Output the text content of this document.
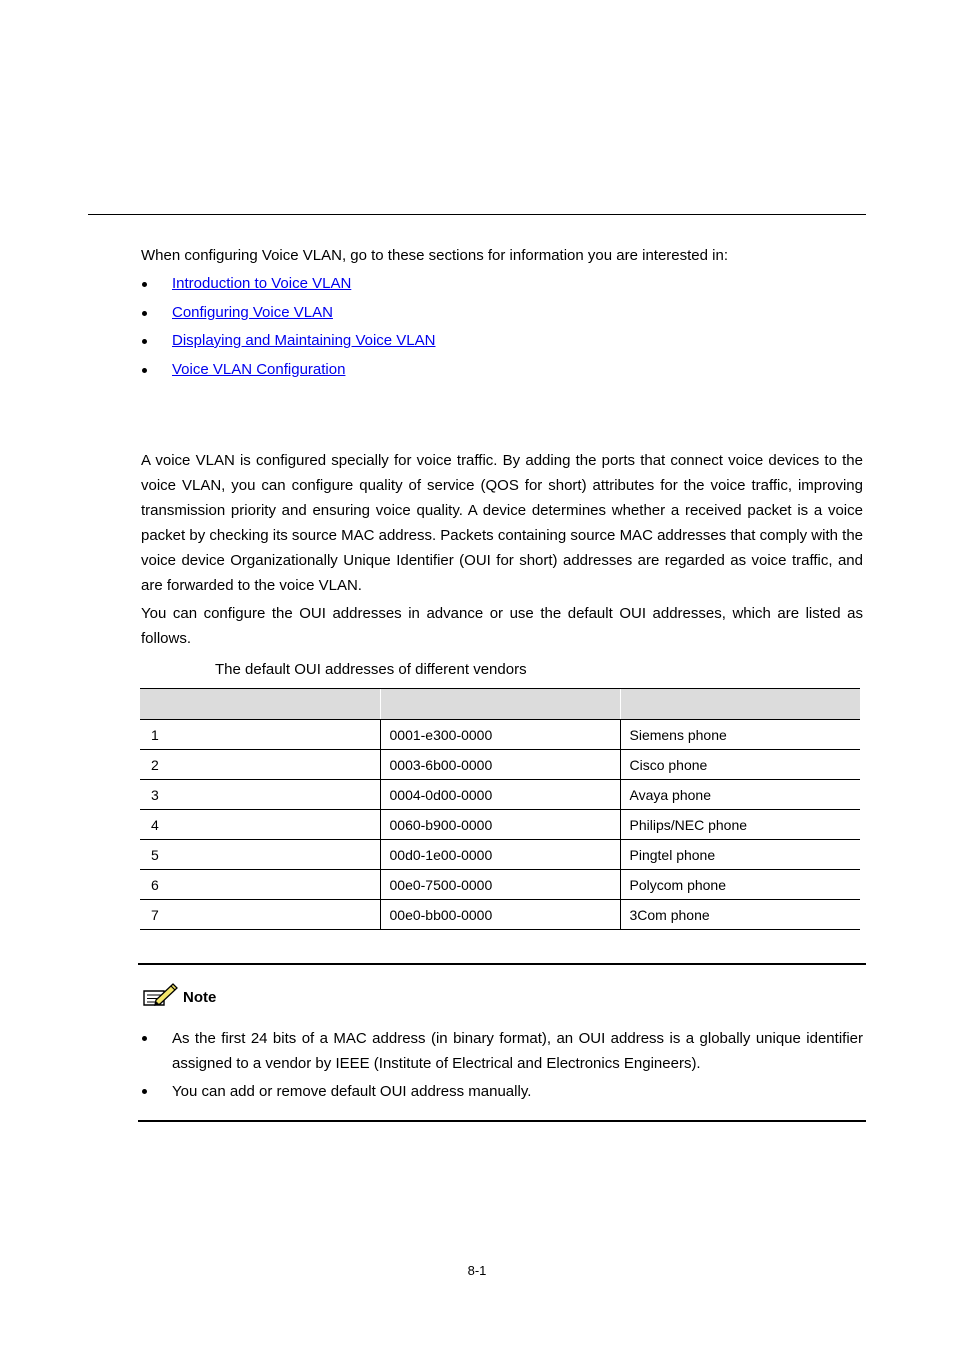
When configuring Voice VLAN, go to these sections for information you are interested in:
Introduction to Voice VLAN
Configuring Voice VLAN
Displaying and Maintaining Voice VLAN
Voice VLAN Configuration

A voice VLAN is configured specially for voice traffic. By adding the ports that connect voice devices to the voice VLAN, you can configure quality of service (QOS for short) attributes for the voice traffic, improving transmission priority and ensuring voice quality. A device determines whether a received packet is a voice packet by checking its source MAC address. Packets containing source MAC addresses that comply with the voice device Organizationally Unique Identifier (OUI for short) addresses are regarded as voice traffic, and are forwarded to the voice VLAN.

You can configure the OUI addresses in advance or use the default OUI addresses, which are listed as follows.

The default OUI addresses of different vendors

1	0001-e300-0000	Siemens phone
2	0003-6b00-0000	Cisco phone
3	0004-0d00-0000	Avaya phone
4	0060-b900-0000	Philips/NEC phone
5	00d0-1e00-0000	Pingtel phone
6	00e0-7500-0000	Polycom phone
7	00e0-bb00-0000	3Com phone
Note
As the first 24 bits of a MAC address (in binary format), an OUI address is a globally unique identifier assigned to a vendor by IEEE (Institute of Electrical and Electronics Engineers).
You can add or remove default OUI address manually.
8-1
